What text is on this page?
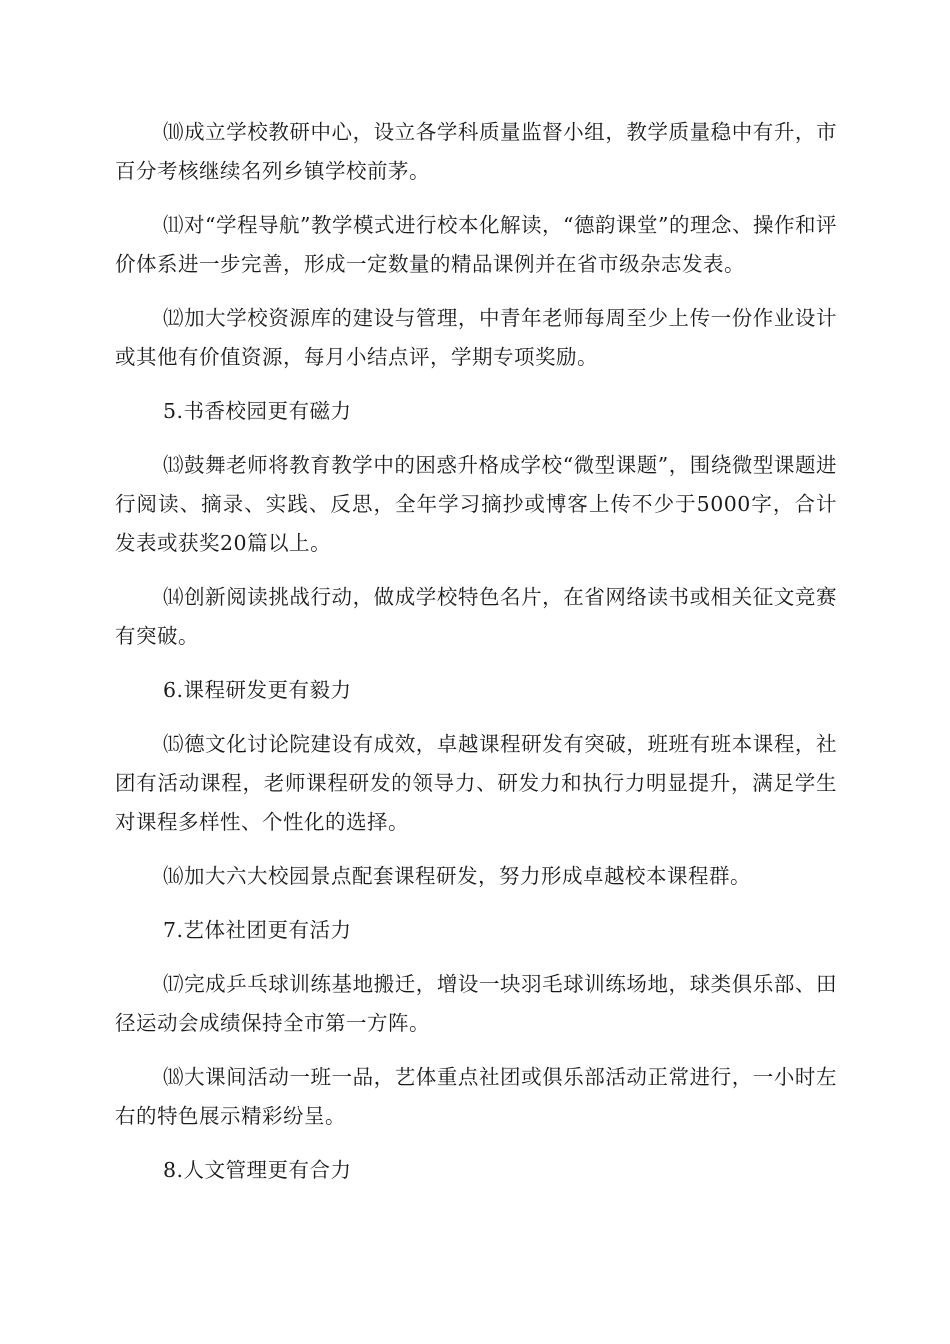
⑽成立学校教研中心，设立各学科质量监督小组，教学质量稳中有升，市百分考核继续名列乡镇学校前茅。

⑾对“学程导航”教学模式进行校本化解读，“德韵课堂”的理念、操作和评价体系进一步完善，形成一定数量的精品课例并在省市级杂志发表。

⑿加大学校资源库的建设与管理，中青年老师每周至少上传一份作业设计或其他有价值资源，每月小结点评，学期专项奖励。

5.书香校园更有磁力

⒀鼓舞老师将教育教学中的困惑升格成学校“微型课题”，围绕微型课题进行阅读、摘录、实践、反思，全年学习摘抄或博客上传不少于5000字，合计发表或获奖20篇以上。

⒁创新阅读挑战行动，做成学校特色名片，在省网络读书或相关征文竞赛有突破。

6.课程研发更有毅力

⒂德文化讨论院建设有成效，卓越课程研发有突破，班班有班本课程，社团有活动课程，老师课程研发的领导力、研发力和执行力明显提升，满足学生对课程多样性、个性化的选择。

⒃加大六大校园景点配套课程研发，努力形成卓越校本课程群。

7.艺体社团更有活力

⒄完成乒乓球训练基地搬迁，增设一块羽毛球训练场地，球类俱乐部、田径运动会成绩保持全市第一方阵。

⒅大课间活动一班一品，艺体重点社团或俱乐部活动正常进行，一小时左右的特色展示精彩纷呈。

8.人文管理更有合力
